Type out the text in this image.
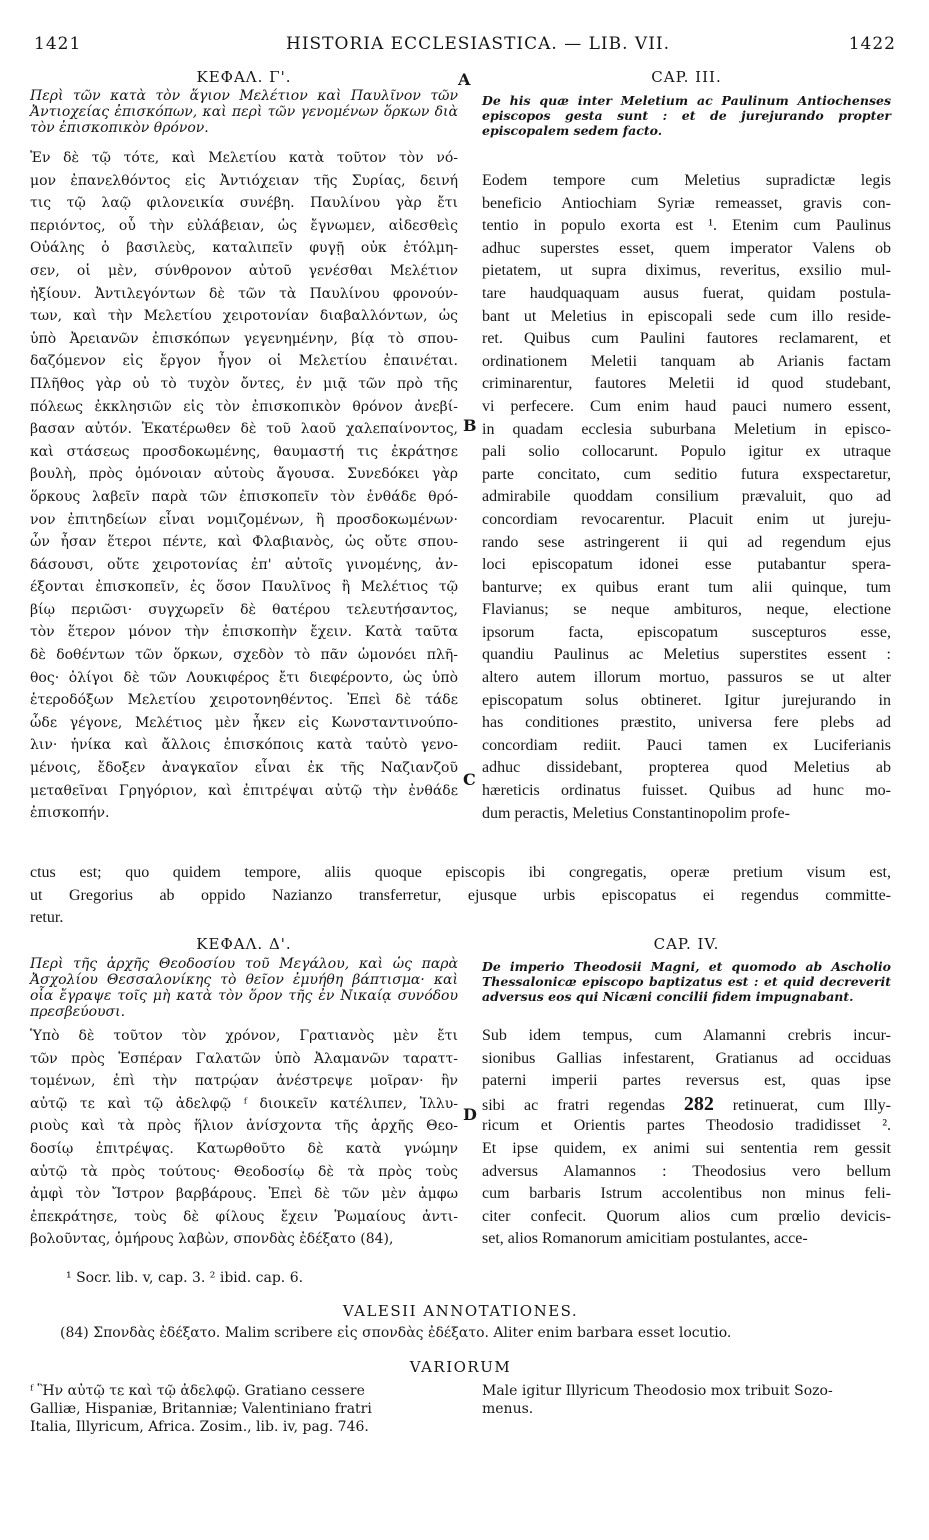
1421	HISTORIA ECCLESIASTICA. — LIB. VII.	1422
A
B
C
D
ΚΕΦΑΛ. Γ'.	CAP. III.
Περὶ τῶν κατὰ τὸν ἅγιον Μελέτιον καὶ Παυλῖνον τῶν Ἀντιοχείας ἐπισκόπων, καὶ περὶ τῶν γενομένων ὅρκων διὰ τὸν ἐπισκοπικὸν θρόνον.
De his quæ inter Meletium ac Paulinum Antiochenses episcopos gesta sunt : et de jurejurando propter episcopalem sedem facto.
Ἐν δὲ τῷ τότε, καὶ Μελετίου κατὰ τοῦτον τὸν νό-
μον ἐπανελθόντος εἰς Ἀντιόχειαν τῆς Συρίας, δεινή
τις τῷ λαῷ φιλονεικία συνέβη. Παυλίνου γὰρ ἔτι
περιόντος, οὗ τὴν εὐλάβειαν, ὡς ἔγνωμεν, αἰδεσθεὶς
Οὐάλης ὁ βασιλεὺς, καταλιπεῖν φυγῇ οὐκ ἐτόλμη-
σεν, οἱ μὲν, σύνθρονον αὐτοῦ γενέσθαι Μελέτιον
ἠξίουν. Ἀντιλεγόντων δὲ τῶν τὰ Παυλίνου φρονούν-
των, καὶ τὴν Μελετίου χειροτονίαν διαβαλλόντων, ὡς
ὑπὸ Ἀρειανῶν ἐπισκόπων γεγενημένην, βίᾳ τὸ σπου-
δαζόμενον εἰς ἔργον ἦγον οἱ Μελετίου ἐπαινέται.
Πλῆθος γὰρ οὐ τὸ τυχὸν ὄντες, ἐν μιᾷ τῶν πρὸ τῆς
πόλεως ἐκκλησιῶν εἰς τὸν ἐπισκοπικὸν θρόνον ἀνεβί-
βασαν αὐτόν. Ἑκατέρωθεν δὲ τοῦ λαοῦ χαλεπαίνοντος,
καὶ στάσεως προσδοκωμένης, θαυμαστή τις ἐκράτησε
βουλὴ, πρὸς ὁμόνοιαν αὐτοὺς ἄγουσα. Συνεδόκει γὰρ
ὅρκους λαβεῖν παρὰ τῶν ἐπισκοπεῖν τὸν ἐνθάδε θρό-
νον ἐπιτηδείων εἶναι νομιζομένων, ἢ προσδοκωμένων·
ὧν ἦσαν ἕτεροι πέντε, καὶ Φλαβιανὸς, ὡς οὔτε σπου-
δάσουσι, οὔτε χειροτονίας ἐπ' αὐτοῖς γινομένης, ἀν-
έξονται ἐπισκοπεῖν, ἐς ὅσον Παυλῖνος ἢ Μελέτιος τῷ
βίῳ περιῶσι· συγχωρεῖν δὲ θατέρου τελευτήσαντος,
τὸν ἕτερον μόνον τὴν ἐπισκοπὴν ἔχειν. Κατὰ ταῦτα
δὲ δοθέντων τῶν ὅρκων, σχεδὸν τὸ πᾶν ὡμονόει πλῆ-
θος· ὀλίγοι δὲ τῶν Λουκιφέρος ἔτι διεφέροντο, ὡς ὑπὸ
ἑτεροδόξων Μελετίου χειροτονηθέντος. Ἐπεὶ δὲ τάδε
ὧδε γέγονε, Μελέτιος μὲν ἧκεν εἰς Κωνσταντινούπο-
λιν· ἡνίκα καὶ ἄλλοις ἐπισκόποις κατὰ ταὐτὸ γενο-
μένοις, ἔδοξεν ἀναγκαῖον εἶναι ἐκ τῆς Ναζιανζοῦ
μεταθεῖναι Γρηγόριον, καὶ ἐπιτρέψαι αὐτῷ τὴν ἐνθάδε
ἐπισκοπήν.
Eodem tempore cum Meletius supradictæ legis
beneficio Antiochiam Syriæ remeasset, gravis con-
tentio in populo exorta est ¹. Etenim cum Paulinus
adhuc superstes esset, quem imperator Valens ob
pietatem, ut supra diximus, reveritus, exsilio mul-
tare haudquaquam ausus fuerat, quidam postula-
bant ut Meletius in episcopali sede cum illo reside-
ret. Quibus cum Paulini fautores reclamarent, et
ordinationem Meletii tanquam ab Arianis factam
criminarentur, fautores Meletii id quod studebant,
vi perfecere. Cum enim haud pauci numero essent,
in quadam ecclesia suburbana Meletium in episco-
pali solio collocarunt. Populo igitur ex utraque
parte concitato, cum seditio futura exspectaretur,
admirabile quoddam consilium prævaluit, quo ad
concordiam revocarentur. Placuit enim ut jureju-
rando sese astringerent ii qui ad regendum ejus
loci episcopatum idonei esse putabantur spera-
banturve; ex quibus erant tum alii quinque, tum
Flavianus; se neque ambituros, neque, electione
ipsorum facta, episcopatum suscepturos esse,
quandiu Paulinus ac Meletius superstites essent :
altero autem illorum mortuo, passuros se ut alter
episcopatum solus obtineret. Igitur jurejurando in
has conditiones præstito, universa fere plebs ad
concordiam rediit. Pauci tamen ex Luciferianis
adhuc dissidebant, propterea quod Meletius ab
hæreticis ordinatus fuisset. Quibus ad hunc mo-
dum peractis, Meletius Constantinopolim profe-
ctus est; quo quidem tempore, aliis quoque episcopis ibi congregatis, operæ pretium visum est,
ut Gregorius ab oppido Nazianzo transferretur, ejusque urbis episcopatus ei regendus committe-
retur.
ΚΕΦΑΛ. Δ'.	CAP. IV.
Περὶ τῆς ἀρχῆς Θεοδοσίου τοῦ Μεγάλου, καὶ ὡς παρὰ Ἀσχολίου Θεσσαλονίκης τὸ θεῖον ἐμυήθη βάπτισμα· καὶ οἷα ἔγραψε τοῖς μὴ κατὰ τὸν ὅρον τῆς ἐν Νικαίᾳ συνόδου πρεσβεύουσι.
De imperio Theodosii Magni, et quomodo ab Ascholio Thessalonicæ episcopo baptizatus est : et quid decreverit adversus eos qui Nicæni concilii fidem impugnabant.
Ὑπὸ δὲ τοῦτον τὸν χρόνον, Γρατιανὸς μὲν ἔτι
τῶν πρὸς Ἑσπέραν Γαλατῶν ὑπὸ Ἀλαμανῶν ταραττ-
τομένων, ἐπὶ τὴν πατρῴαν ἀνέστρεψε μοῖραν· ἣν
αὐτῷ τε καὶ τῷ ἀδελφῷ ᶠ διοικεῖν κατέλιπεν, Ἰλλυ-
ριοὺς καὶ τὰ πρὸς ἥλιον ἀνίσχοντα τῆς ἀρχῆς Θεο-
δοσίῳ ἐπιτρέψας. Κατωρθοῦτο δὲ κατὰ γνώμην
αὐτῷ τὰ πρὸς τούτους· Θεοδοσίῳ δὲ τὰ πρὸς τοὺς
ἀμφὶ τὸν Ἴστρον βαρβάρους. Ἐπεὶ δὲ τῶν μὲν ἀμφω
ἐπεκράτησε, τοὺς δὲ φίλους ἔχειν Ῥωμαίους ἀντι-
βολοῦντας, ὁμήρους λαβὼν, σπονδὰς ἐδέξατο (84),
Sub idem tempus, cum Alamanni crebris incur-
sionibus Gallias infestarent, Gratianus ad occiduas
paterni imperii partes reversus est, quas ipse
sibi ac fratri regendas 282 retinuerat, cum Illy-
ricum et Orientis partes Theodosio tradidisset ².
Et ipse quidem, ex animi sui sententia rem gessit
adversus Alamannos : Theodosius vero bellum
cum barbaris Istrum accolentibus non minus feli-
citer confecit. Quorum alios cum prœlio devicis-
set, alios Romanorum amicitiam postulantes, acce-
¹ Socr. lib. v, cap. 3. ² ibid. cap. 6.
VALESII ANNOTATIONES.
(84) Σπονδὰς ἐδέξατο. Malim scribere εἰς σπονδὰς ἐδέξατο. Aliter enim barbara esset locutio.
VARIORUM
ᶠ Ἣν αὐτῷ τε καὶ τῷ ἀδελφῷ. Gratiano cessere
Galliæ, Hispaniæ, Britanniæ; Valentiniano fratri
Italia, Illyricum, Africa. Zosim., lib. iv, pag. 746.
Male igitur Illyricum Theodosio mox tribuit Sozo-
menus.
